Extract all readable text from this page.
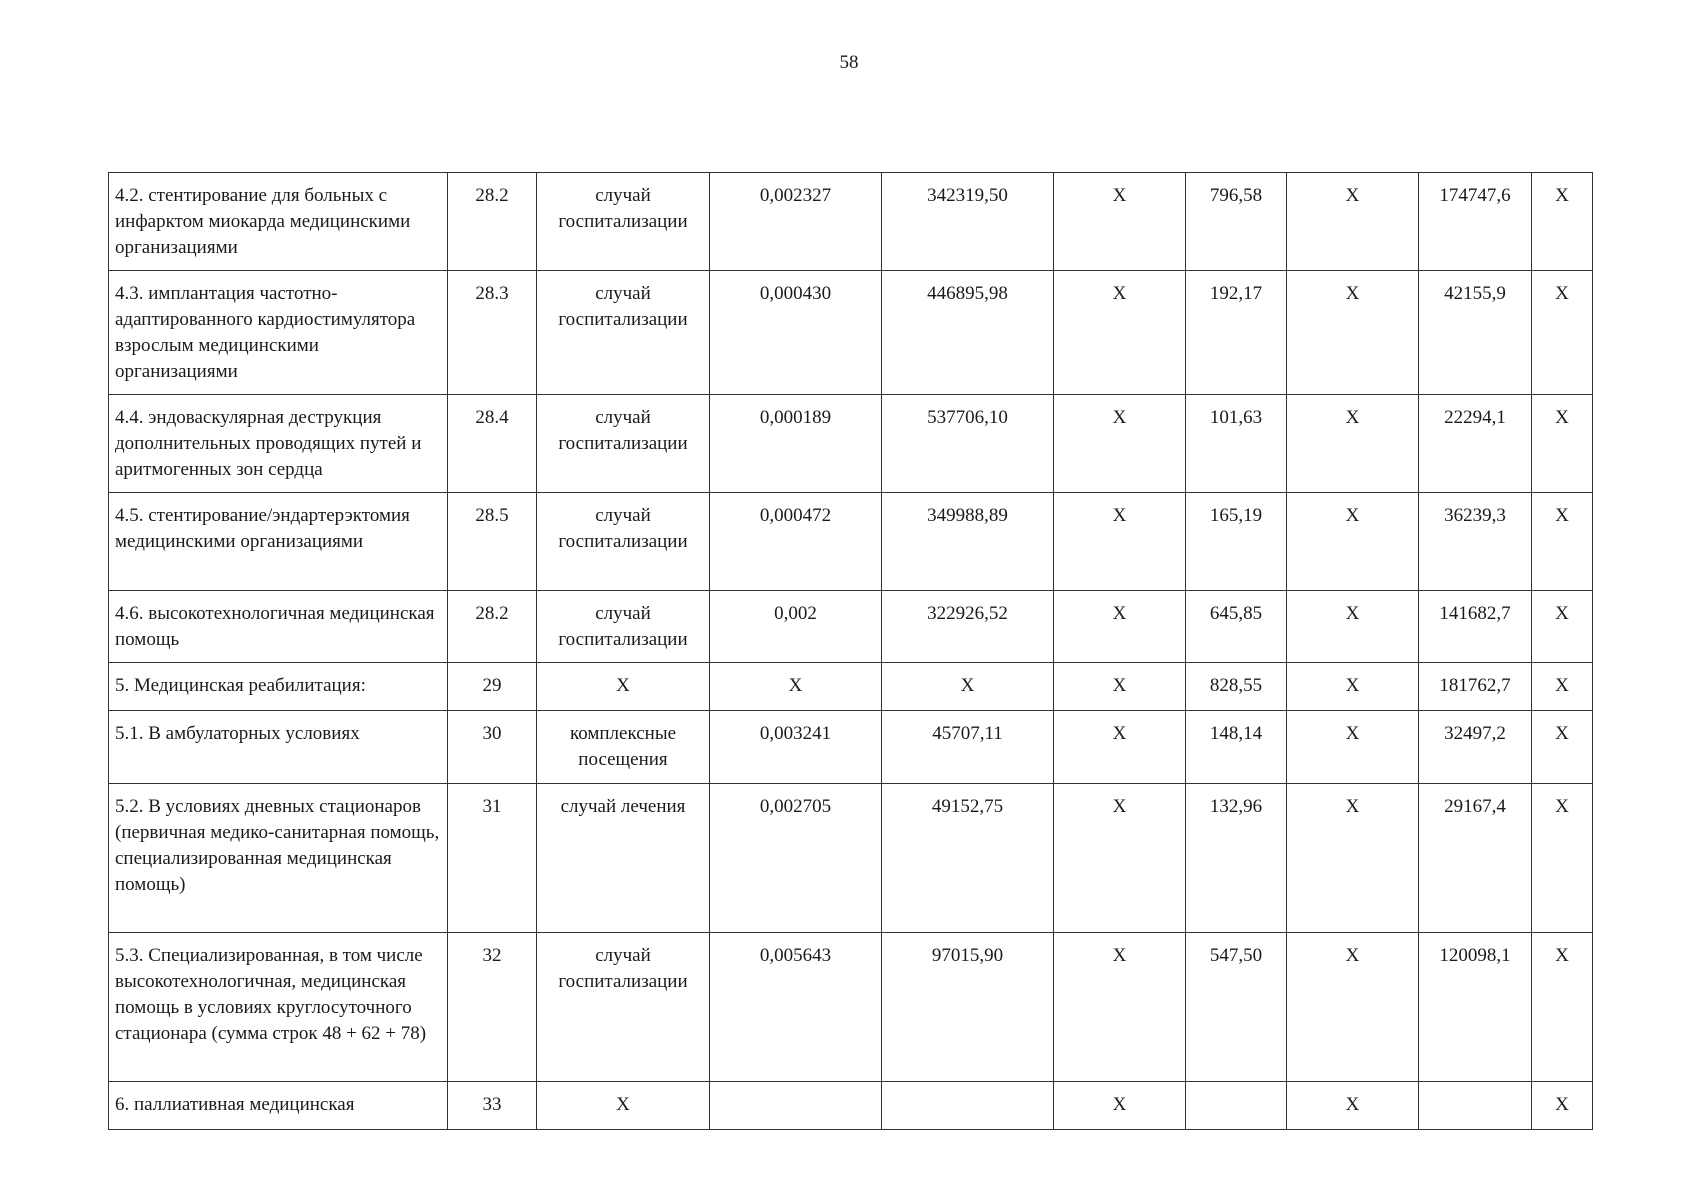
58
4.2. стентирование для больных с инфарктом миокарда медицинскими организациями	28.2	случай госпитализации	0,002327	342319,50	X	796,58	X	174747,6	X
4.3. имплантация частотно-адаптированного кардиостимулятора взрослым медицинскими организациями	28.3	случай госпитализации	0,000430	446895,98	X	192,17	X	42155,9	X
4.4. эндоваскулярная деструкция дополнительных проводящих путей и аритмогенных зон сердца	28.4	случай госпитализации	0,000189	537706,10	X	101,63	X	22294,1	X
4.5. стентирование/эндартерэктомия медицинскими организациями	28.5	случай госпитализации	0,000472	349988,89	X	165,19	X	36239,3	X
4.6. высокотехнологичная медицинская помощь	28.2	случай госпитализации	0,002	322926,52	X	645,85	X	141682,7	X
5. Медицинская реабилитация:	29	X	X	X	X	828,55	X	181762,7	X
5.1. В амбулаторных условиях	30	комплексные посещения	0,003241	45707,11	X	148,14	X	32497,2	X
5.2. В условиях дневных стационаров (первичная медико-санитарная помощь, специализированная медицинская помощь)	31	случай лечения	0,002705	49152,75	X	132,96	X	29167,4	X
5.3. Специализированная, в том числе высокотехнологичная, медицинская помощь в условиях круглосуточного стационара (сумма строк 48 + 62 + 78)	32	случай госпитализации	0,005643	97015,90	X	547,50	X	120098,1	X
6. паллиативная медицинская	33	X			X		X		X
